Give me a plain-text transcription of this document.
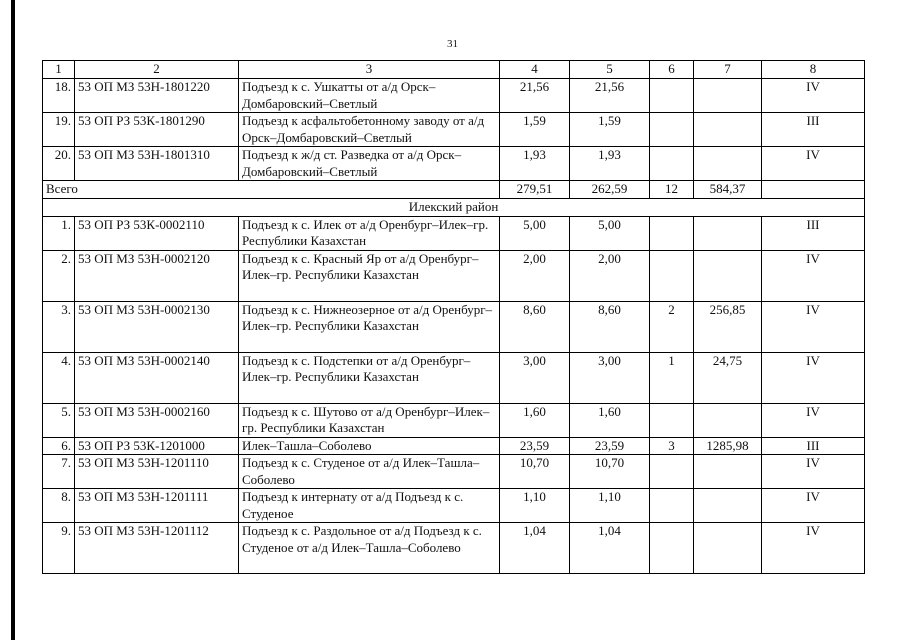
31
1	2	3	4	5	6	7	8
18.	53 ОП МЗ 53Н-1801220	Подъезд к с. Ушкатты от а/д Орск–Домбаровский–Светлый	21,56	21,56			IV
19.	53 ОП РЗ 53К-1801290	Подъезд к асфальтобетонному заводу от а/д Орск–Домбаровский–Светлый	1,59	1,59			III
20.	53 ОП МЗ 53Н-1801310	Подъезд к ж/д ст. Разведка от а/д Орск–Домбаровский–Светлый	1,93	1,93			IV
Всего			279,51	262,59	12	584,37	
Илекский район							
1.	53 ОП РЗ 53К-0002110	Подъезд к с. Илек от а/д Оренбург–Илек–гр. Республики Казахстан	5,00	5,00			III
2.	53 ОП МЗ 53Н-0002120	Подъезд к с. Красный Яр от а/д Оренбург–Илек–гр. Республики Казахстан	2,00	2,00			IV
3.	53 ОП МЗ 53Н-0002130	Подъезд к с. Нижнеозерное от а/д Оренбург–Илек–гр. Республики Казахстан	8,60	8,60	2	256,85	IV
4.	53 ОП МЗ 53Н-0002140	Подъезд к с. Подстепки от а/д Оренбург–Илек–гр. Республики Казахстан	3,00	3,00	1	24,75	IV
5.	53 ОП МЗ 53Н-0002160	Подъезд к с. Шутово от а/д Оренбург–Илек–гр. Республики Казахстан	1,60	1,60			IV
6.	53 ОП РЗ 53К-1201000	Илек–Ташла–Соболево	23,59	23,59	3	1285,98	III
7.	53 ОП МЗ 53Н-1201110	Подъезд к с. Студеное от а/д Илек–Ташла–Соболево	10,70	10,70			IV
8.	53 ОП МЗ 53Н-1201111	Подъезд к интернату от а/д Подъезд к с. Студеное	1,10	1,10			IV
9.	53 ОП МЗ 53Н-1201112	Подъезд к с. Раздольное от а/д Подъезд к с. Студеное от а/д Илек–Ташла–Соболево	1,04	1,04			IV
